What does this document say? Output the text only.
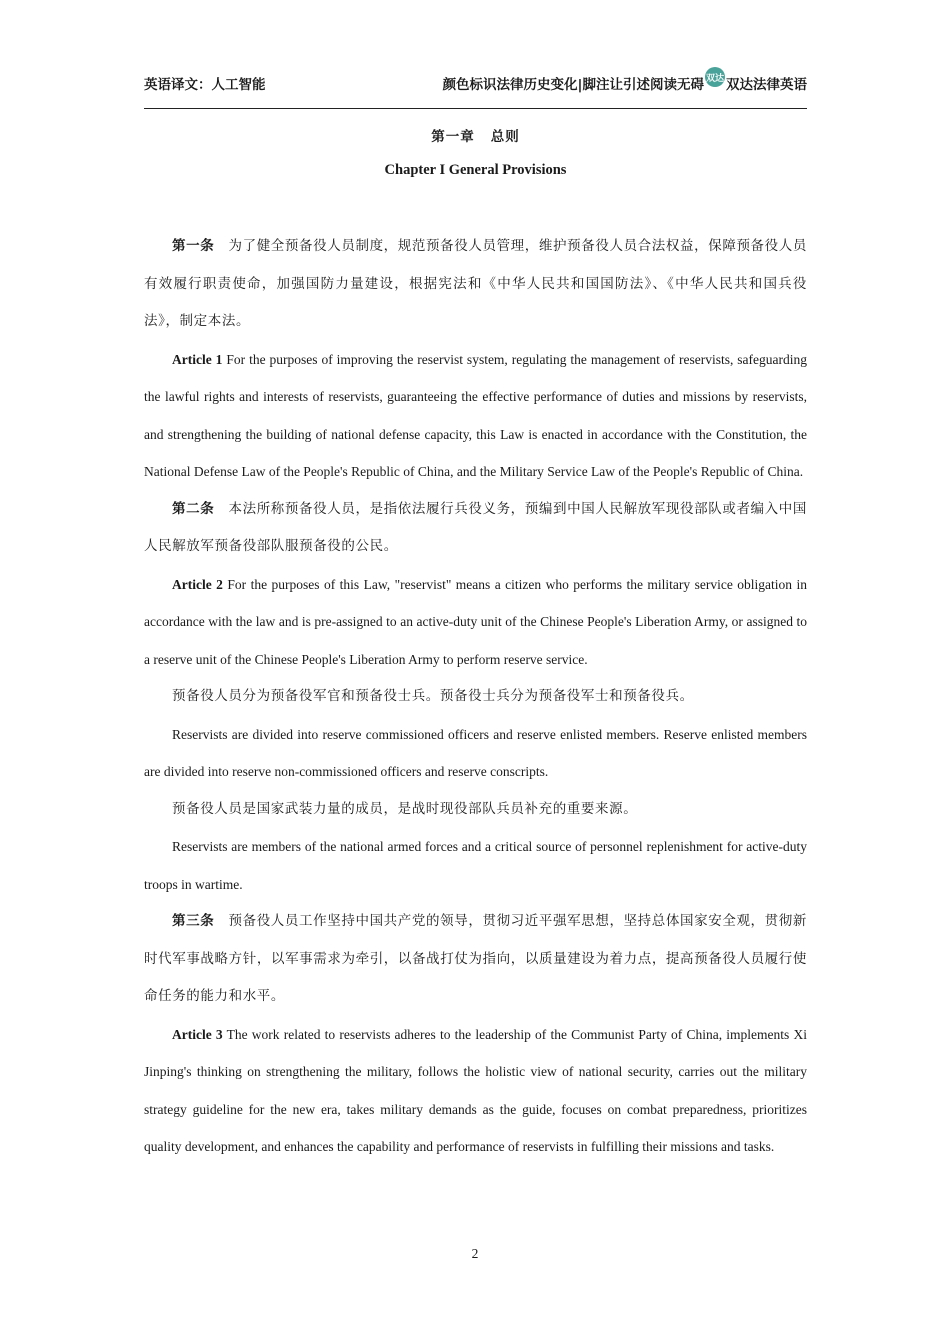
英语译文：人工智能	颜色标识法律历史变化|脚注让引述阅读无碍 双达 双达法律英语
第一章 总则
Chapter I General Provisions

第一条　 为了健全预备役人员制度，规范预备役人员管理，维护预备役人员合法权益，保障预备役人员有效履行职责使命，加强国防力量建设，根据宪法和《中华人民共和国国防法》、《中华人民共和国兵役法》，制定本法。

Article 1 For the purposes of improving the reservist system, regulating the management of reservists, safeguarding the lawful rights and interests of reservists, guaranteeing the effective performance of duties and missions by reservists, and strengthening the building of national defense capacity, this Law is enacted in accordance with the Constitution, the National Defense Law of the People's Republic of China, and the Military Service Law of the People's Republic of China.

第二条　 本法所称预备役人员，是指依法履行兵役义务，预编到中国人民解放军现役部队或者编入中国人民解放军预备役部队服预备役的公民。

Article 2 For the purposes of this Law, "reservist" means a citizen who performs the military service obligation in accordance with the law and is pre-assigned to an active-duty unit of the Chinese People's Liberation Army, or assigned to a reserve unit of the Chinese People's Liberation Army to perform reserve service.

预备役人员分为预备役军官和预备役士兵。预备役士兵分为预备役军士和预备役兵。

Reservists are divided into reserve commissioned officers and reserve enlisted members. Reserve enlisted members are divided into reserve non-commissioned officers and reserve conscripts.

预备役人员是国家武装力量的成员，是战时现役部队兵员补充的重要来源。

Reservists are members of the national armed forces and a critical source of personnel replenishment for active-duty troops in wartime.

第三条　 预备役人员工作坚持中国共产党的领导，贯彻习近平强军思想，坚持总体国家安全观，贯彻新时代军事战略方针，以军事需求为牵引，以备战打仗为指向，以质量建设为着力点，提高预备役人员履行使命任务的能力和水平。

Article 3 The work related to reservists adheres to the leadership of the Communist Party of China, implements Xi Jinping's thinking on strengthening the military, follows the holistic view of national security, carries out the military strategy guideline for the new era, takes military demands as the guide, focuses on combat preparedness, prioritizes quality development, and enhances the capability and performance of reservists in fulfilling their missions and tasks.

2
